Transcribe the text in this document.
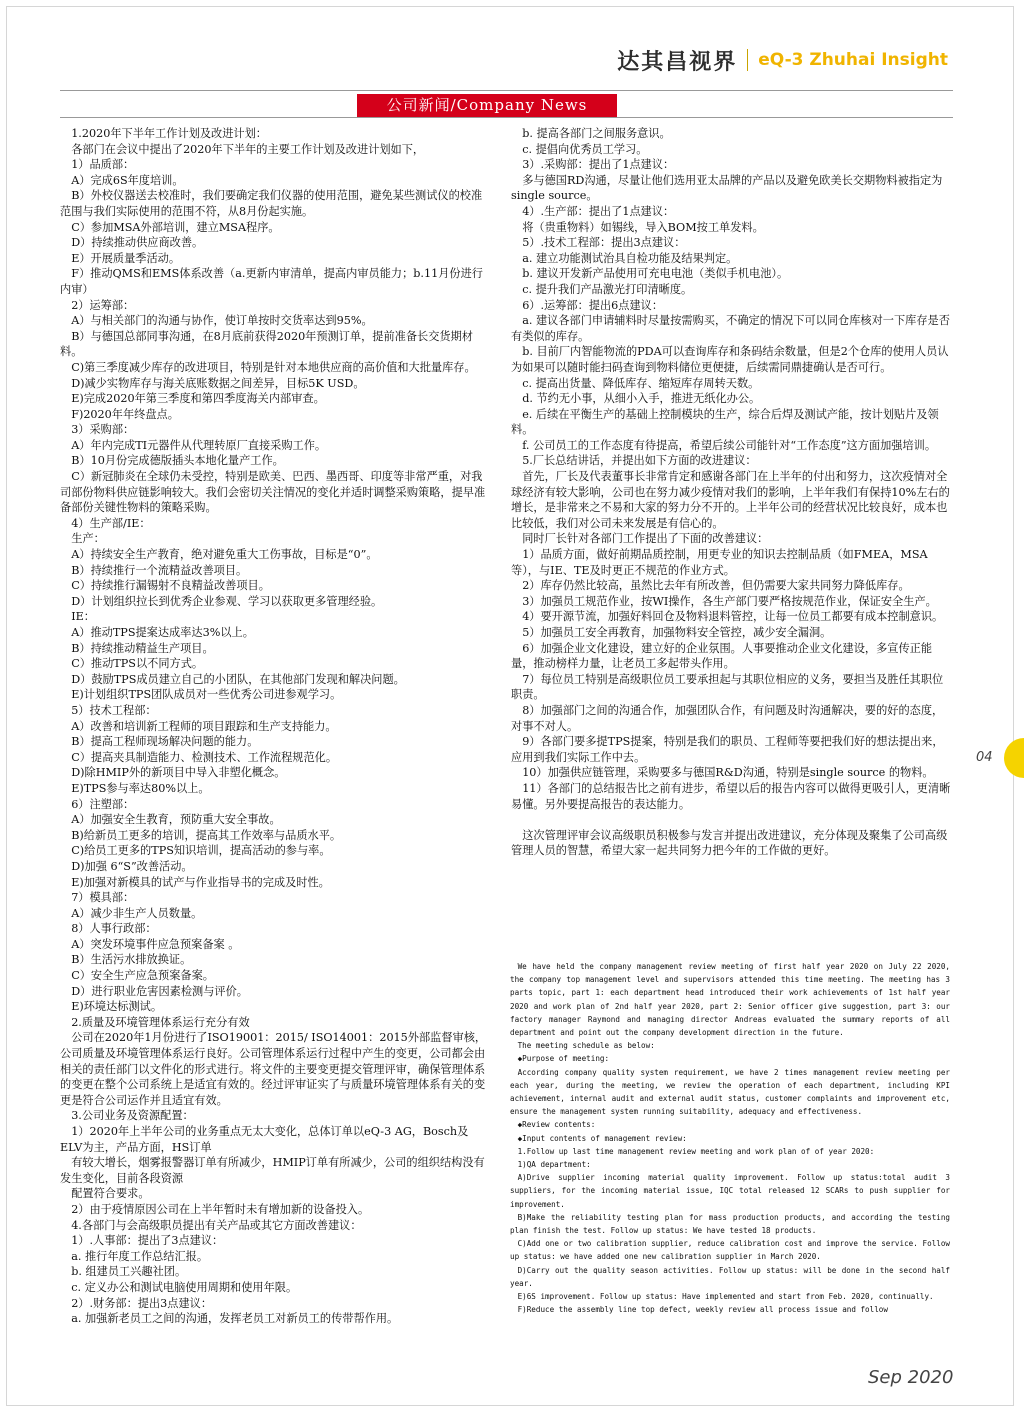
达其昌视界 eQ-3 Zhuhai Insight
公司新闻/Company News

1.2020年下半年工作计划及改进计划：

各部门在会议中提出了2020年下半年的主要工作计划及改进计划如下，

1）品质部：

A）完成6S年度培训。

B）外校仪器送去校准时，我们要确定我们仪器的使用范围，避免某些测试仪的校准范围与我们实际使用的范围不符，从8月份起实施。

C）参加MSA外部培训，建立MSA程序。

D）持续推动供应商改善。

E）开展质量季活动。

F）推动QMS和EMS体系改善（a.更新内审清单，提高内审员能力；b.11月份进行内审）

2）运筹部：

A）与相关部门的沟通与协作，使订单按时交货率达到95%。

B）与德国总部同事沟通，在8月底前获得2020年预测订单，提前准备长交货期材料。

C)第三季度减少库存的改进项目，特别是针对本地供应商的高价值和大批量库存。

D)减少实物库存与海关底账数据之间差异，目标5K USD。

E)完成2020年第三季度和第四季度海关内部审查。

F)2020年年终盘点。

3）采购部：

A）年内完成TI元器件从代理转原厂直接采购工作。

B）10月份完成德版插头本地化量产工作。

C）新冠肺炎在全球仍未受控，特别是欧美、巴西、墨西哥、印度等非常严重，对我司部份物料供应链影响较大。我们会密切关注情况的变化并适时调整采购策略，提早准备部份关键性物料的策略采购。

4）生产部/IE：

生产：

A）持续安全生产教育，绝对避免重大工伤事故，目标是“0”。

B）持续推行一个流精益改善项目。

C）持续推行漏锡射不良精益改善项目。

D）计划组织拉长到优秀企业参观、学习以获取更多管理经验。

IE：

A）推动TPS提案达成率达3%以上。

B）持续推动精益生产项目。

C）推动TPS以不同方式。

D）鼓励TPS成员建立自己的小团队，在其他部门发现和解决问题。

E)计划组织TPS团队成员对一些优秀公司进参观学习。

5）技术工程部：

A）改善和培训新工程师的项目跟踪和生产支持能力。

B）提高工程师现场解决问题的能力。

C）提高夹具制造能力、检测技术、工作流程规范化。

D)除HMIP外的新项目中导入非塑化概念。

E)TPS参与率达80%以上。

6）注塑部：

A）加强安全生教育，预防重大安全事故。

B)给新员工更多的培训，提高其工作效率与品质水平。

C)给员工更多的TPS知识培训，提高活动的参与率。

D)加强 6“S”改善活动。

E)加强对新模具的试产与作业指导书的完成及时性。

7）模具部：

A）减少非生产人员数量。

8）人事行政部：

A）突发环境事件应急预案备案 。

B）生活污水排放换证。

C）安全生产应急预案备案。

D）进行职业危害因素检测与评价。

E)环境达标测试。

2.质量及环境管理体系运行充分有效

公司在2020年1月份进行了ISO19001：2015/ ISO14001：2015外部监督审核，公司质量及环境管理体系运行良好。公司管理体系运行过程中产生的变更，公司都会由相关的责任部门以文件化的形式进行。将文件的主要变更提交管理评审，确保管理体系的变更在整个公司系统上是适宜有效的。经过评审证实了与质量环境管理体系有关的变更是符合公司运作并且适宜有效。

3.公司业务及资源配置：

1）2020年上半年公司的业务重点无太大变化，总体订单以eQ-3 AG，Bosch及ELV为主，产品方面，HS订单

有较大增长，烟雾报警器订单有所减少，HMIP订单有所减少，公司的组织结构没有发生变化，目前各段资源

配置符合要求。

2）由于疫情原因公司在上半年暂时未有增加新的设备投入。

4.各部门与会高级职员提出有关产品或其它方面改善建议：

1）.人事部：提出了3点建议：

a. 推行年度工作总结汇报。

b. 组建员工兴趣社团。

c. 定义办公和测试电脑使用周期和使用年限。

2）.财务部：提出3点建议：

a. 加强新老员工之间的沟通，发挥老员工对新员工的传带帮作用。

b. 提高各部门之间服务意识。

c. 提倡向优秀员工学习。

3）.采购部：提出了1点建议：

多与德国RD沟通，尽量让他们选用亚太品牌的产品以及避免欧美长交期物料被指定为single source。

4）.生产部：提出了1点建议：

将（贵重物料）如锡线，导入BOM按工单发料。

5）.技术工程部：提出3点建议：

a. 建立功能测试治具自检功能及结果判定。

b. 建议开发新产品使用可充电电池（类似手机电池）。

c. 提升我们产品激光打印清晰度。

6）.运筹部：提出6点建议：

a. 建议各部门申请辅料时尽量按需购买，不确定的情况下可以同仓库核对一下库存是否有类似的库存。

b. 目前厂内智能物流的PDA可以查询库存和条码结余数量，但是2个仓库的使用人员认为如果可以随时能扫码查询到物料储位更便捷，后续需同鼎捷确认是否可行。

c. 提高出货量、降低库存、缩短库存周转天数。

d. 节约无小事，从细小入手，推进无纸化办公。

e. 后续在平衡生产的基础上控制模块的生产，综合后焊及测试产能，按计划贴片及领料。

f. 公司员工的工作态度有待提高，希望后续公司能针对“工作态度”这方面加强培训。

5.厂长总结讲话，并提出如下方面的改进建议：

首先，厂长及代表董事长非常肯定和感谢各部门在上半年的付出和努力，这次疫情对全球经济有较大影响，公司也在努力减少疫情对我们的影响，上半年我们有保持10%左右的增长，是非常来之不易和大家的努力分不开的。上半年公司的经营状况比较良好，成本也比较低，我们对公司未来发展是有信心的。

同时厂长针对各部门工作提出了下面的改善建议：

1）品质方面，做好前期品质控制，用更专业的知识去控制品质（如FMEA，MSA等），与IE、TE及时更正不规范的作业方式。

2）库存仍然比较高，虽然比去年有所改善，但仍需要大家共同努力降低库存。

3）加强员工规范作业，按WI操作，各生产部门要严格按规范作业，保证安全生产。

4）要开源节流，加强好料回仓及物料退料管控，让每一位员工都要有成本控制意识。

5）加强员工安全再教育，加强物料安全管控，减少安全漏洞。

6）加强企业文化建设，建立好的企业氛围。人事要推动企业文化建设，多宣传正能量，推动榜样力量，让老员工多起带头作用。

7）每位员工特别是高级职位员工要承担起与其职位相应的义务，要担当及胜任其职位职责。

8）加强部门之间的沟通合作，加强团队合作，有问题及时沟通解决，要的好的态度，对事不对人。

9）各部门要多提TPS提案，特别是我们的职员、工程师等要把我们好的想法提出来，应用到我们实际工作中去。

10）加强供应链管理，采购要多与德国R&D沟通，特别是single source 的物料。

11）各部门的总结报告比之前有进步，希望以后的报告内容可以做得更吸引人，更清晰易懂。另外要提高报告的表达能力。

这次管理评审会议高级职员积极参与发言并提出改进建议，充分体现及聚集了公司高级管理人员的智慧，希望大家一起共同努力把今年的工作做的更好。

We have held the company management review meeting of first half year 2020 on July 22 2020, the company top management level and supervisors attended this time meeting. The meeting has 3 parts topic, part 1: each department head introduced their work achievements of 1st half year 2020 and work plan of 2nd half year 2020, part 2: Senior officer give suggestion, part 3: our factory manager Raymond and managing director Andreas evaluated the summary reports of all department and point out the company development direction in the future.

The meeting schedule as below:

◆Purpose of meeting:

According company quality system requirement, we have 2 times management review meeting per each year, during the meeting, we review the operation of each department, including KPI achievement, internal audit and external audit status, customer complaints and improvement etc, ensure the management system running suitability, adequacy and effectiveness.

◆Review contents:

◆Input contents of management review:

1.Follow up last time management review meeting and work plan of of year 2020:

1)QA department:

A)Drive supplier incoming material quality improvement. Follow up status:total audit 3 suppliers, for the incoming material issue, IQC total released 12 SCARs to push supplier for improvement.

B)Make the reliability testing plan for mass production products, and according the testing plan finish the test. Follow up status: We have tested 18 products.

C)Add one or two calibration supplier, reduce calibration cost and improve the service. Follow up status: we have added one new calibration supplier in March 2020.

D)Carry out the quality season activities. Follow up status: will be done in the second half year.

E)6S improvement. Follow up status: Have implemented and start from Feb. 2020, continually.

F)Reduce the assembly line top defect, weekly review all process issue and follow

04
Sep 2020
